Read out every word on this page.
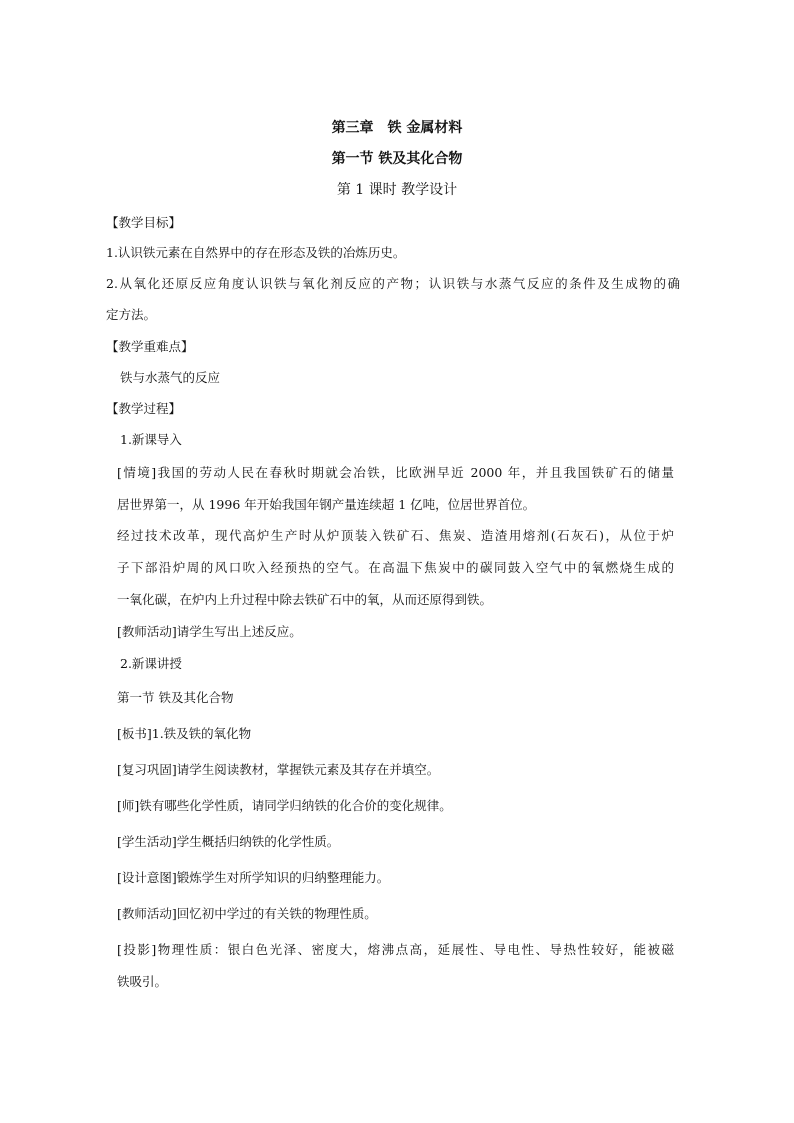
第三章　铁 金属材料
第一节 铁及其化合物
第 1 课时 教学设计
【教学目标】
1.认识铁元素在自然界中的存在形态及铁的冶炼历史。
2.从氧化还原反应角度认识铁与氧化剂反应的产物；认识铁与水蒸气反应的条件及生成物的确
定方法。
【教学重难点】
铁与水蒸气的反应
【教学过程】
1.新课导入
[情境]我国的劳动人民在春秋时期就会冶铁，比欧洲早近 2000 年，并且我国铁矿石的储量
居世界第一，从 1996 年开始我国年钢产量连续超 1 亿吨，位居世界首位。
经过技术改革，现代高炉生产时从炉顶装入铁矿石、焦炭、造渣用熔剂(石灰石)，从位于炉
子下部沿炉周的风口吹入经预热的空气。在高温下焦炭中的碳同鼓入空气中的氧燃烧生成的
一氧化碳，在炉内上升过程中除去铁矿石中的氧，从而还原得到铁。
[教师活动]请学生写出上述反应。
2.新课讲授
第一节 铁及其化合物
[板书]1.铁及铁的氧化物
[复习巩固]请学生阅读教材，掌握铁元素及其存在并填空。
[师]铁有哪些化学性质，请同学归纳铁的化合价的变化规律。
[学生活动]学生概括归纳铁的化学性质。
[设计意图]锻炼学生对所学知识的归纳整理能力。
[教师活动]回忆初中学过的有关铁的物理性质。
[投影]物理性质：银白色光泽、密度大，熔沸点高，延展性、导电性、导热性较好，能被磁
铁吸引。
